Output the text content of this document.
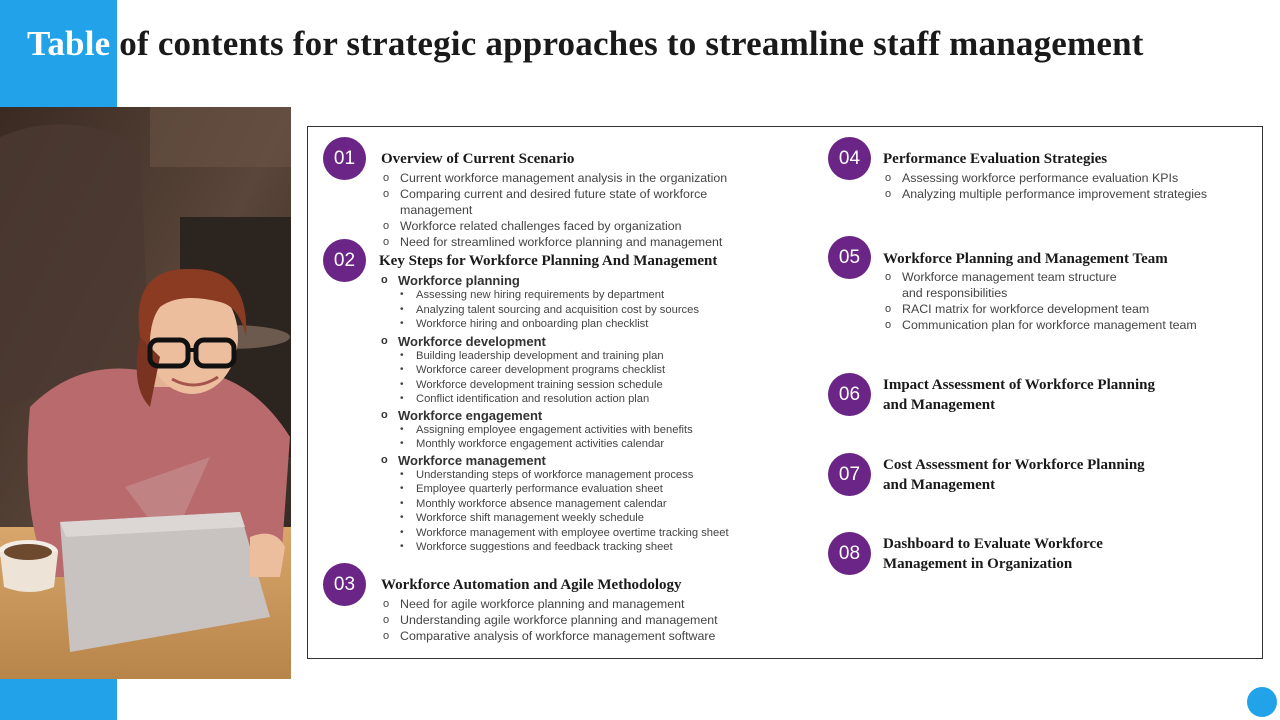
Table of contents for strategic approaches to streamline staff management
01	Overview of Current Scenario
o Current workforce management analysis in the organization
o Comparing current and desired future state of workforce
management
o Workforce related challenges faced by organization
o Need for streamlined workforce planning and management
02	Key Steps for Workforce Planning And Management
o Workforce planning
• Assessing new hiring requirements by department
• Analyzing talent sourcing and acquisition cost by sources
• Workforce hiring and onboarding plan checklist
o Workforce development
• Building leadership development and training plan
• Workforce career development programs checklist
• Workforce development training session schedule
• Conflict identification and resolution action plan
o Workforce engagement
• Assigning employee engagement activities with benefits
• Monthly workforce engagement activities calendar
o Workforce management
• Understanding steps of workforce management process
• Employee quarterly performance evaluation sheet
• Monthly workforce absence management calendar
• Workforce shift management weekly schedule
• Workforce management with employee overtime tracking sheet
• Workforce suggestions and feedback tracking sheet
03	Workforce Automation and Agile Methodology
o Need for agile workforce planning and management
o Understanding agile workforce planning and management
o Comparative analysis of workforce management software
04	Performance Evaluation Strategies
o Assessing workforce performance evaluation KPIs
o Analyzing multiple performance improvement strategies
05	Workforce Planning and Management Team
o Workforce management team structure
and responsibilities
o RACI matrix for workforce development team
o Communication plan for workforce management team
06	Impact Assessment of Workforce Planning
and Management
07	Cost Assessment for Workforce Planning
and Management
08	Dashboard to Evaluate Workforce
Management in Organization
